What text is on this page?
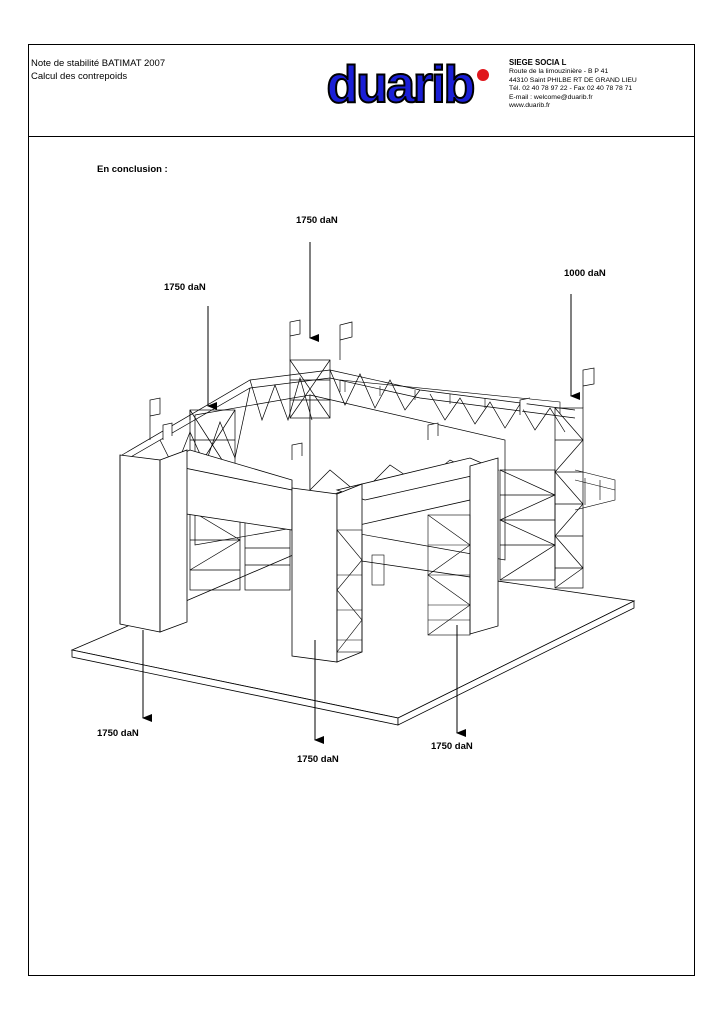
Note de stabilité BATIMAT 2007
Calcul des contrepoids	duarib	SIEGE SOCIA L
Route de la limouzinière - B P 41
44310 Saint PHILBE RT DE GRAND LIEU
Tél. 02 40 78 97 22 - Fax 02 40 78 78 71
E-mail : welcome@duarib.fr
www.duarib.fr
En conclusion :
1750 daN
1750 daN
1000 daN
1750 daN
1750 daN
1750 daN
